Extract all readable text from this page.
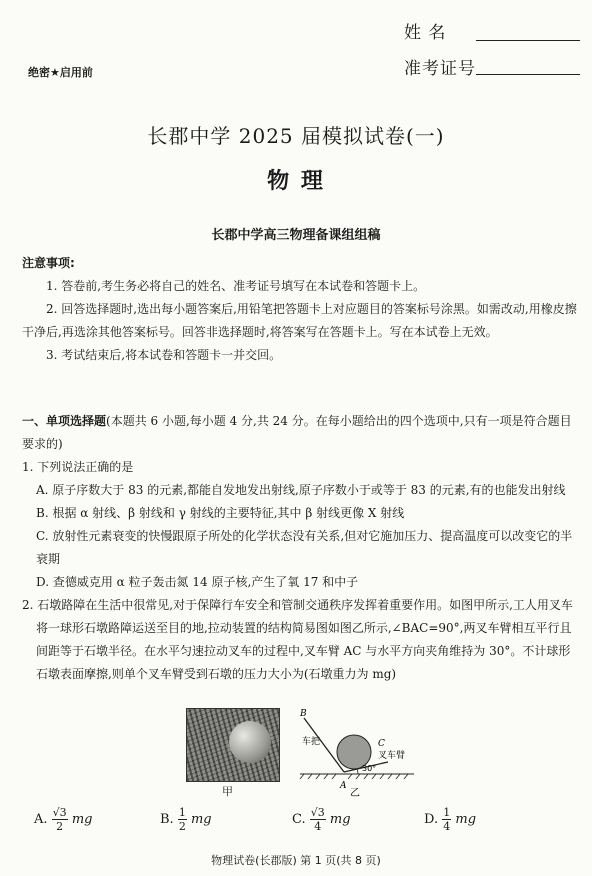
姓 名
准考证号
绝密★启用前
长郡中学 2025 届模拟试卷(一)
物 理
长郡中学高三物理备课组组稿
注意事项:
1. 答卷前,考生务必将自己的姓名、准考证号填写在本试卷和答题卡上。
2. 回答选择题时,选出每小题答案后,用铅笔把答题卡上对应题目的答案标号涂黑。如需改动,用橡皮擦干净后,再选涂其他答案标号。回答非选择题时,将答案写在答题卡上。写在本试卷上无效。
3. 考试结束后,将本试卷和答题卡一并交回。
一、单项选择题(本题共 6 小题,每小题 4 分,共 24 分。在每小题给出的四个选项中,只有一项是符合题目要求的)
1. 下列说法正确的是
A. 原子序数大于 83 的元素,都能自发地发出射线,原子序数小于或等于 83 的元素,有的也能发出射线
B. 根据 α 射线、β 射线和 γ 射线的主要特征,其中 β 射线更像 X 射线
C. 放射性元素衰变的快慢跟原子所处的化学状态没有关系,但对它施加压力、提高温度可以改变它的半衰期
D. 查德威克用 α 粒子轰击氮 14 原子核,产生了氧 17 和中子
2. 石墩路障在生活中很常见,对于保障行车安全和管制交通秩序发挥着重要作用。如图甲所示,工人用叉车将一球形石墩路障运送至目的地,拉动装置的结构简易图如图乙所示,∠BAC=90°,两叉车臂相互平行且间距等于石墩半径。在水平匀速拉动叉车的过程中,叉车臂 AC 与水平方向夹角维持为 30°。不计球形石墩表面摩擦,则单个叉车臂受到石墩的压力大小为(石墩重力为 mg)
甲
B
车把	C
叉车臂
30°
A
乙
A. $\frac{√3}{2}$ mg	B. $\frac{1}{2}$ mg	C. $\frac{√3}{4}$ mg	D. $\frac{1}{4}$ mg
物理试卷(长郡版) 第 1 页(共 8 页)
